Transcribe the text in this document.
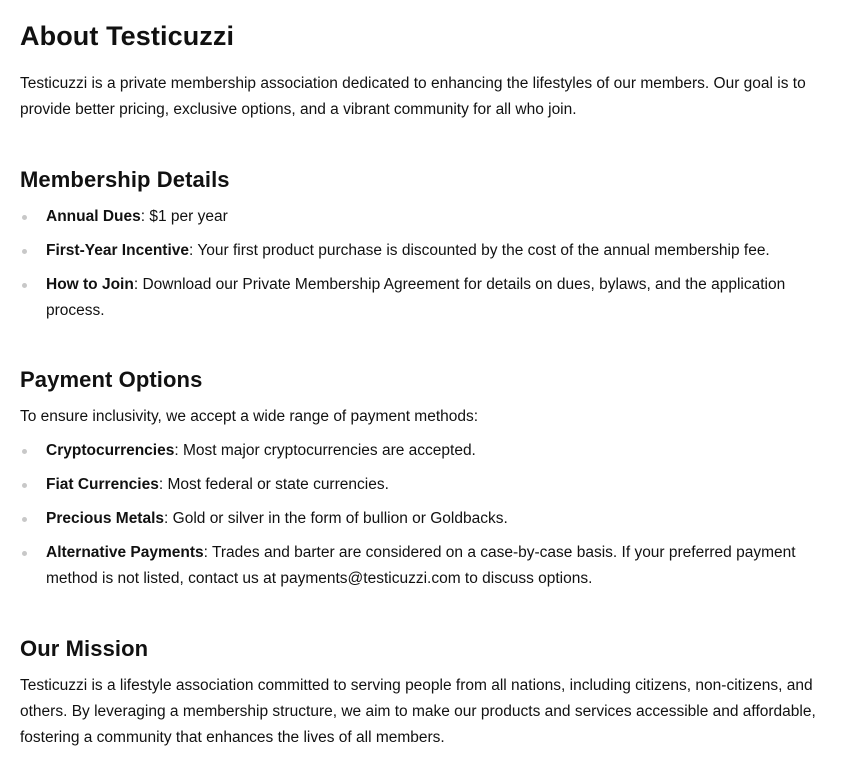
About Testicuzzi

Testicuzzi is a private membership association dedicated to enhancing the lifestyles of our members. Our goal is to provide better pricing, exclusive options, and a vibrant community for all who join.

Membership Details
Annual Dues: $1 per year
First-Year Incentive: Your first product purchase is discounted by the cost of the annual membership fee.
How to Join: Download our Private Membership Agreement for details on dues, bylaws, and the application process.
Payment Options

To ensure inclusivity, we accept a wide range of payment methods:

Cryptocurrencies: Most major cryptocurrencies are accepted.
Fiat Currencies: Most federal or state currencies.
Precious Metals: Gold or silver in the form of bullion or Goldbacks.
Alternative Payments: Trades and barter are considered on a case-by-case basis. If your preferred payment method is not listed, contact us at payments@testicuzzi.com to discuss options.
Our Mission

Testicuzzi is a lifestyle association committed to serving people from all nations, including citizens, non-citizens, and others. By leveraging a membership structure, we aim to make our products and services accessible and affordable, fostering a community that enhances the lives of all members.
